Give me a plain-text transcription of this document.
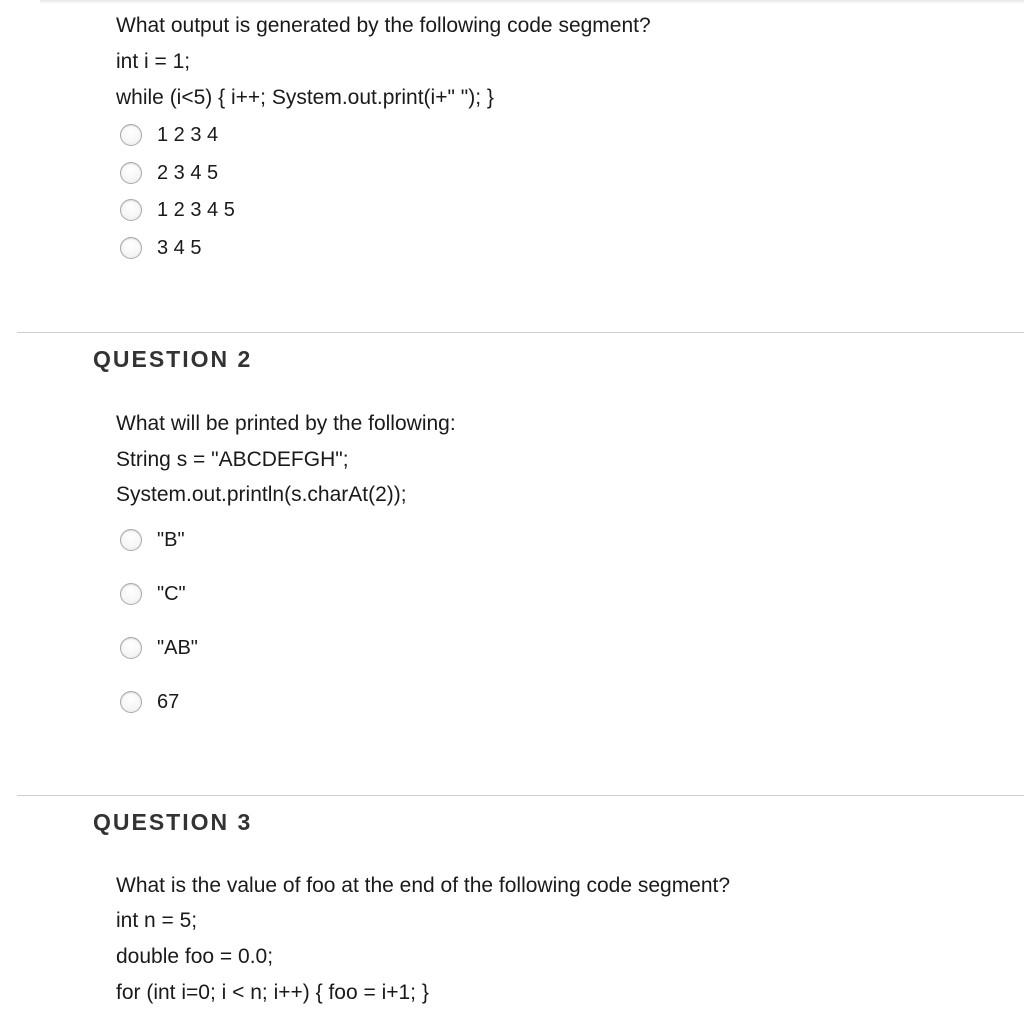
What output is generated by the following code segment?
int i = 1;
while (i<5) { i++; System.out.print(i+" "); }
1 2 3 4
2 3 4 5
1 2 3 4 5
3 4 5
QUESTION 2
What will be printed by the following:
String s = "ABCDEFGH";
System.out.println(s.charAt(2));
"B"
"C"
"AB"
67
QUESTION 3
What is the value of foo at the end of the following code segment?
int n = 5;
double foo = 0.0;
for (int i=0; i < n; i++) { foo = i+1; }
